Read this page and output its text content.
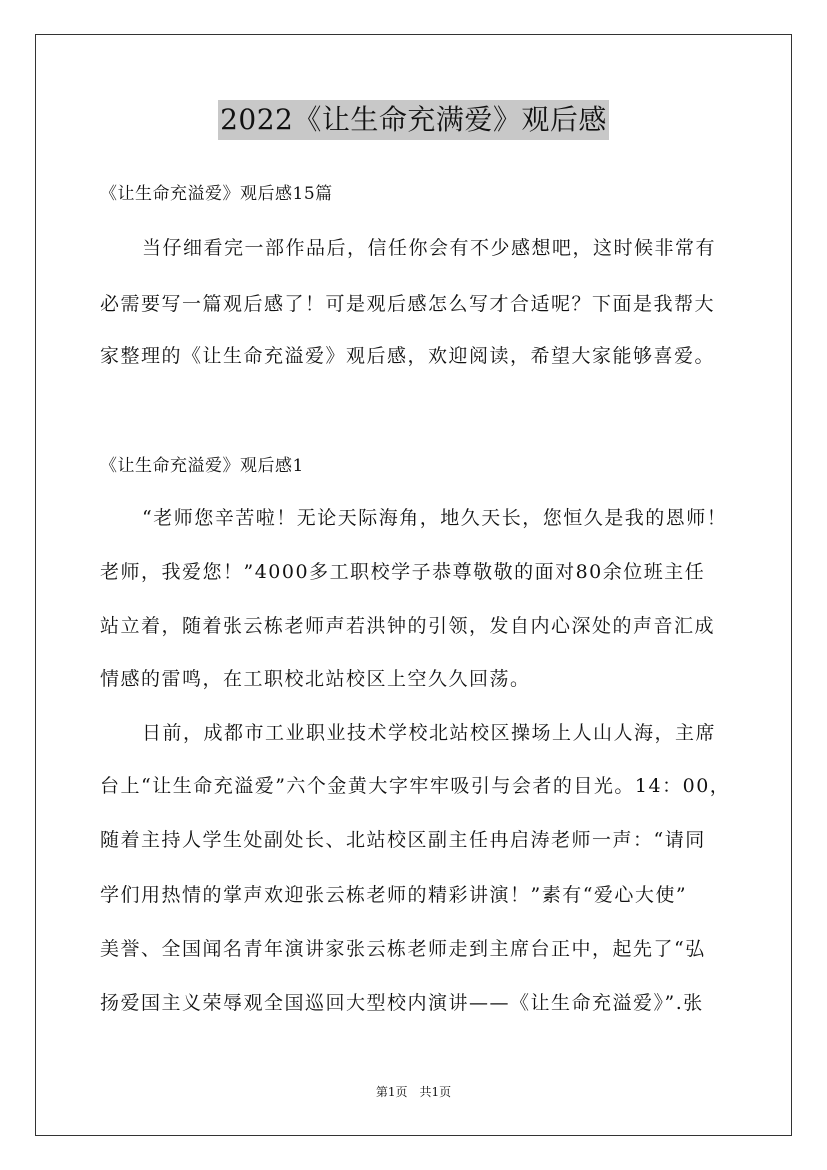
2022《让生命充满爱》观后感
《让生命充溢爱》观后感15篇
当仔细看完一部作品后，信任你会有不少感想吧，这时候非常有
必需要写一篇观后感了！可是观后感怎么写才合适呢？下面是我帮大
家整理的《让生命充溢爱》观后感，欢迎阅读，希望大家能够喜爱。
《让生命充溢爱》观后感1
“老师您辛苦啦！无论天际海角，地久天长，您恒久是我的恩师！
老师，我爱您！”4000多工职校学子恭尊敬敬的面对80余位班主任
站立着，随着张云栋老师声若洪钟的引领，发自内心深处的声音汇成
情感的雷鸣，在工职校北站校区上空久久回荡。
日前，成都市工业职业技术学校北站校区操场上人山人海，主席
台上“让生命充溢爱”六个金黄大字牢牢吸引与会者的目光。14：00，
随着主持人学生处副处长、北站校区副主任冉启涛老师一声：“请同
学们用热情的掌声欢迎张云栋老师的精彩讲演！”素有“爱心大使”
美誉、全国闻名青年演讲家张云栋老师走到主席台正中，起先了“弘
扬爱国主义荣辱观全国巡回大型校内演讲——《让生命充溢爱》”.张
第1页　共1页
